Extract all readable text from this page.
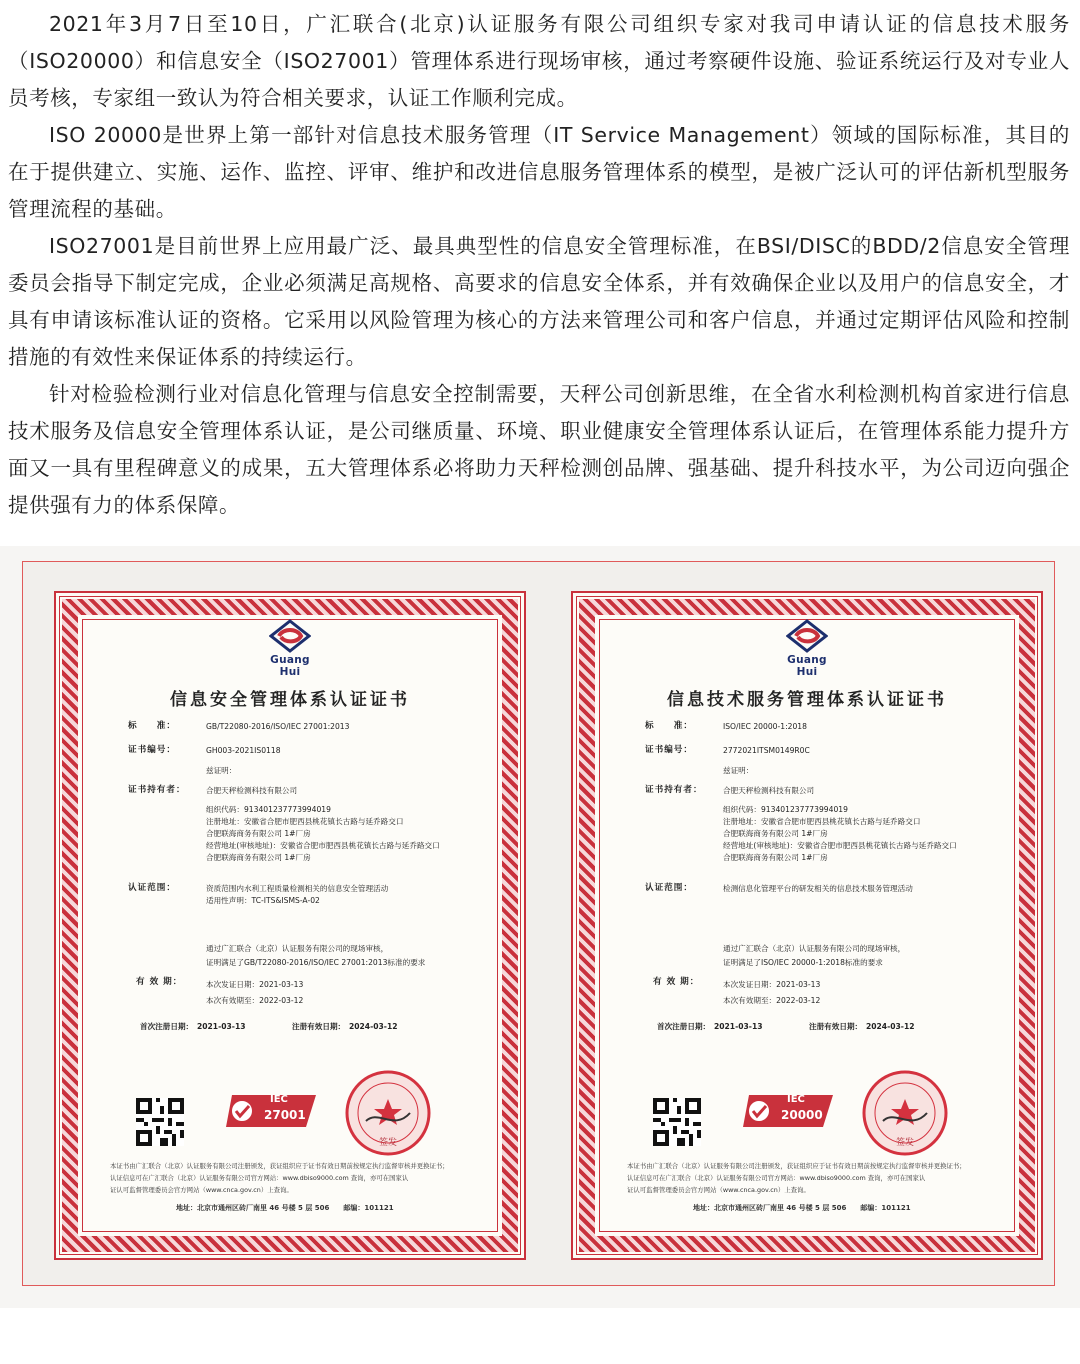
2021年3月7日至10日，广汇联合(北京)认证服务有限公司组织专家对我司申请认证的信息技术服务（ISO20000）和信息安全（ISO27001）管理体系进行现场审核，通过考察硬件设施、验证系统运行及对专业人员考核，专家组一致认为符合相关要求，认证工作顺利完成。

ISO 20000是世界上第一部针对信息技术服务管理（IT Service Management）领域的国际标准，其目的在于提供建立、实施、运作、监控、评审、维护和改进信息服务管理体系的模型，是被广泛认可的评估新机型服务管理流程的基础。

ISO27001是目前世界上应用最广泛、最具典型性的信息安全管理标准，在BSI/DISC的BDD/2信息安全管理委员会指导下制定完成，企业必须满足高规格、高要求的信息安全体系，并有效确保企业以及用户的信息安全，才具有申请该标准认证的资格。它采用以风险管理为核心的方法来管理公司和客户信息，并通过定期评估风险和控制措施的有效性来保证体系的持续运行。

针对检验检测行业对信息化管理与信息安全控制需要，天秤公司创新思维，在全省水利检测机构首家进行信息技术服务及信息安全管理体系认证，是公司继质量、环境、职业健康安全管理体系认证后，在管理体系能力提升方面又一具有里程碑意义的成果，五大管理体系必将助力天秤检测创品牌、强基础、提升科技水平，为公司迈向强企提供强有力的体系保障。

Guang Hui
信息安全管理体系认证证书
标　　准：	GB/T22080-2016/ISO/IEC 27001:2013
证书编号：	GH003-2021IS0118
兹证明：
证书持有者：	合肥天秤检测科技有限公司
组织代码：913401237773994019
注册地址：安徽省合肥市肥西县桃花镇长古路与延乔路交口
合肥联海商务有限公司 1#厂房
经营地址(审核地址)：安徽省合肥市肥西县桃花镇长古路与延乔路交口
合肥联海商务有限公司 1#厂房
认证范围：	资质范围内水利工程质量检测相关的信息安全管理活动
适用性声明：TC-ITS&ISMS-A-02
通过广汇联合（北京）认证服务有限公司的现场审核，
证明满足了GB/T22080-2016/ISO/IEC 27001:2013标准的要求
有 效 期：	本次发证日期：2021-03-13
本次有效期至：2022-03-12
首次注册日期：　2021-03-13	注册有效日期：　2024-03-12
IEC
27001
签发
本证书由广汇联合（北京）认证服务有限公司注册颁发，获证组织应于证书有效日期前按规定执行监督审核并更换证书；
认证信息可在广汇联合（北京）认证服务有限公司官方网站：www.dbiso9000.com 查询，亦可在国家认
证认可监督管理委员会官方网站（www.cnca.gov.cn）上查询。
地址：北京市通州区砖厂南里 46 号楼 5 层 506　　邮编：101121
Guang Hui
信息技术服务管理体系认证证书
标　　准：	ISO/IEC 20000-1:2018
证书编号：	2772021ITSM0149R0C
兹证明：
证书持有者：	合肥天秤检测科技有限公司
组织代码：913401237773994019
注册地址：安徽省合肥市肥西县桃花镇长古路与延乔路交口
合肥联海商务有限公司 1#厂房
经营地址(审核地址)：安徽省合肥市肥西县桃花镇长古路与延乔路交口
合肥联海商务有限公司 1#厂房
认证范围：	检测信息化管理平台的研发相关的信息技术服务管理活动
通过广汇联合（北京）认证服务有限公司的现场审核，
证明满足了ISO/IEC 20000-1:2018标准的要求
有 效 期：	本次发证日期：2021-03-13
本次有效期至：2022-03-12
首次注册日期：　2021-03-13	注册有效日期：　2024-03-12
IEC
20000
签发
本证书由广汇联合（北京）认证服务有限公司注册颁发，获证组织应于证书有效日期前按规定执行监督审核并更换证书；
认证信息可在广汇联合（北京）认证服务有限公司官方网站：www.dbiso9000.com 查询，亦可在国家认
证认可监督管理委员会官方网站（www.cnca.gov.cn）上查询。
地址：北京市通州区砖厂南里 46 号楼 5 层 506　　邮编：101121
